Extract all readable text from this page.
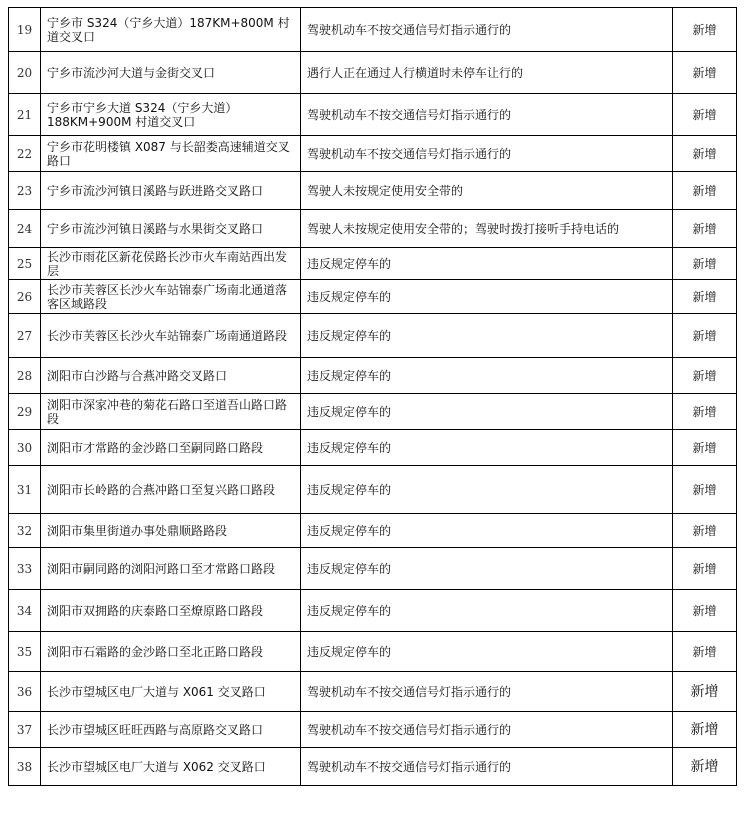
19	宁乡市 S324（宁乡大道）187KM+800M 村道交叉口	驾驶机动车不按交通信号灯指示通行的	新增
20	宁乡市流沙河大道与金街交叉口	遇行人正在通过人行横道时未停车让行的	新增
21	宁乡市宁乡大道 S324（宁乡大道）188KM+900M 村道交叉口	驾驶机动车不按交通信号灯指示通行的	新增
22	宁乡市花明楼镇 X087 与长韶娄高速辅道交叉路口	驾驶机动车不按交通信号灯指示通行的	新增
23	宁乡市流沙河镇日溪路与跃进路交叉路口	驾驶人未按规定使用安全带的	新增
24	宁乡市流沙河镇日溪路与水果街交叉路口	驾驶人未按规定使用安全带的；驾驶时拨打接听手持电话的	新增
25	长沙市雨花区新花侯路长沙市火车南站西出发层	违反规定停车的	新增
26	长沙市芙蓉区长沙火车站锦泰广场南北通道落客区域路段	违反规定停车的	新增
27	长沙市芙蓉区长沙火车站锦泰广场南通道路段	违反规定停车的	新增
28	浏阳市白沙路与合燕冲路交叉路口	违反规定停车的	新增
29	浏阳市深家冲巷的菊花石路口至道吾山路口路段	违反规定停车的	新增
30	浏阳市才常路的金沙路口至嗣同路口路段	违反规定停车的	新增
31	浏阳市长岭路的合燕冲路口至复兴路口路段	违反规定停车的	新增
32	浏阳市集里街道办事处鼎顺路路段	违反规定停车的	新增
33	浏阳市嗣同路的浏阳河路口至才常路口路段	违反规定停车的	新增
34	浏阳市双拥路的庆泰路口至燎原路口路段	违反规定停车的	新增
35	浏阳市石霜路的金沙路口至北正路口路段	违反规定停车的	新增
36	长沙市望城区电厂大道与 X061 交叉路口	驾驶机动车不按交通信号灯指示通行的	新增
37	长沙市望城区旺旺西路与高原路交叉路口	驾驶机动车不按交通信号灯指示通行的	新增
38	长沙市望城区电厂大道与 X062 交叉路口	驾驶机动车不按交通信号灯指示通行的	新增
